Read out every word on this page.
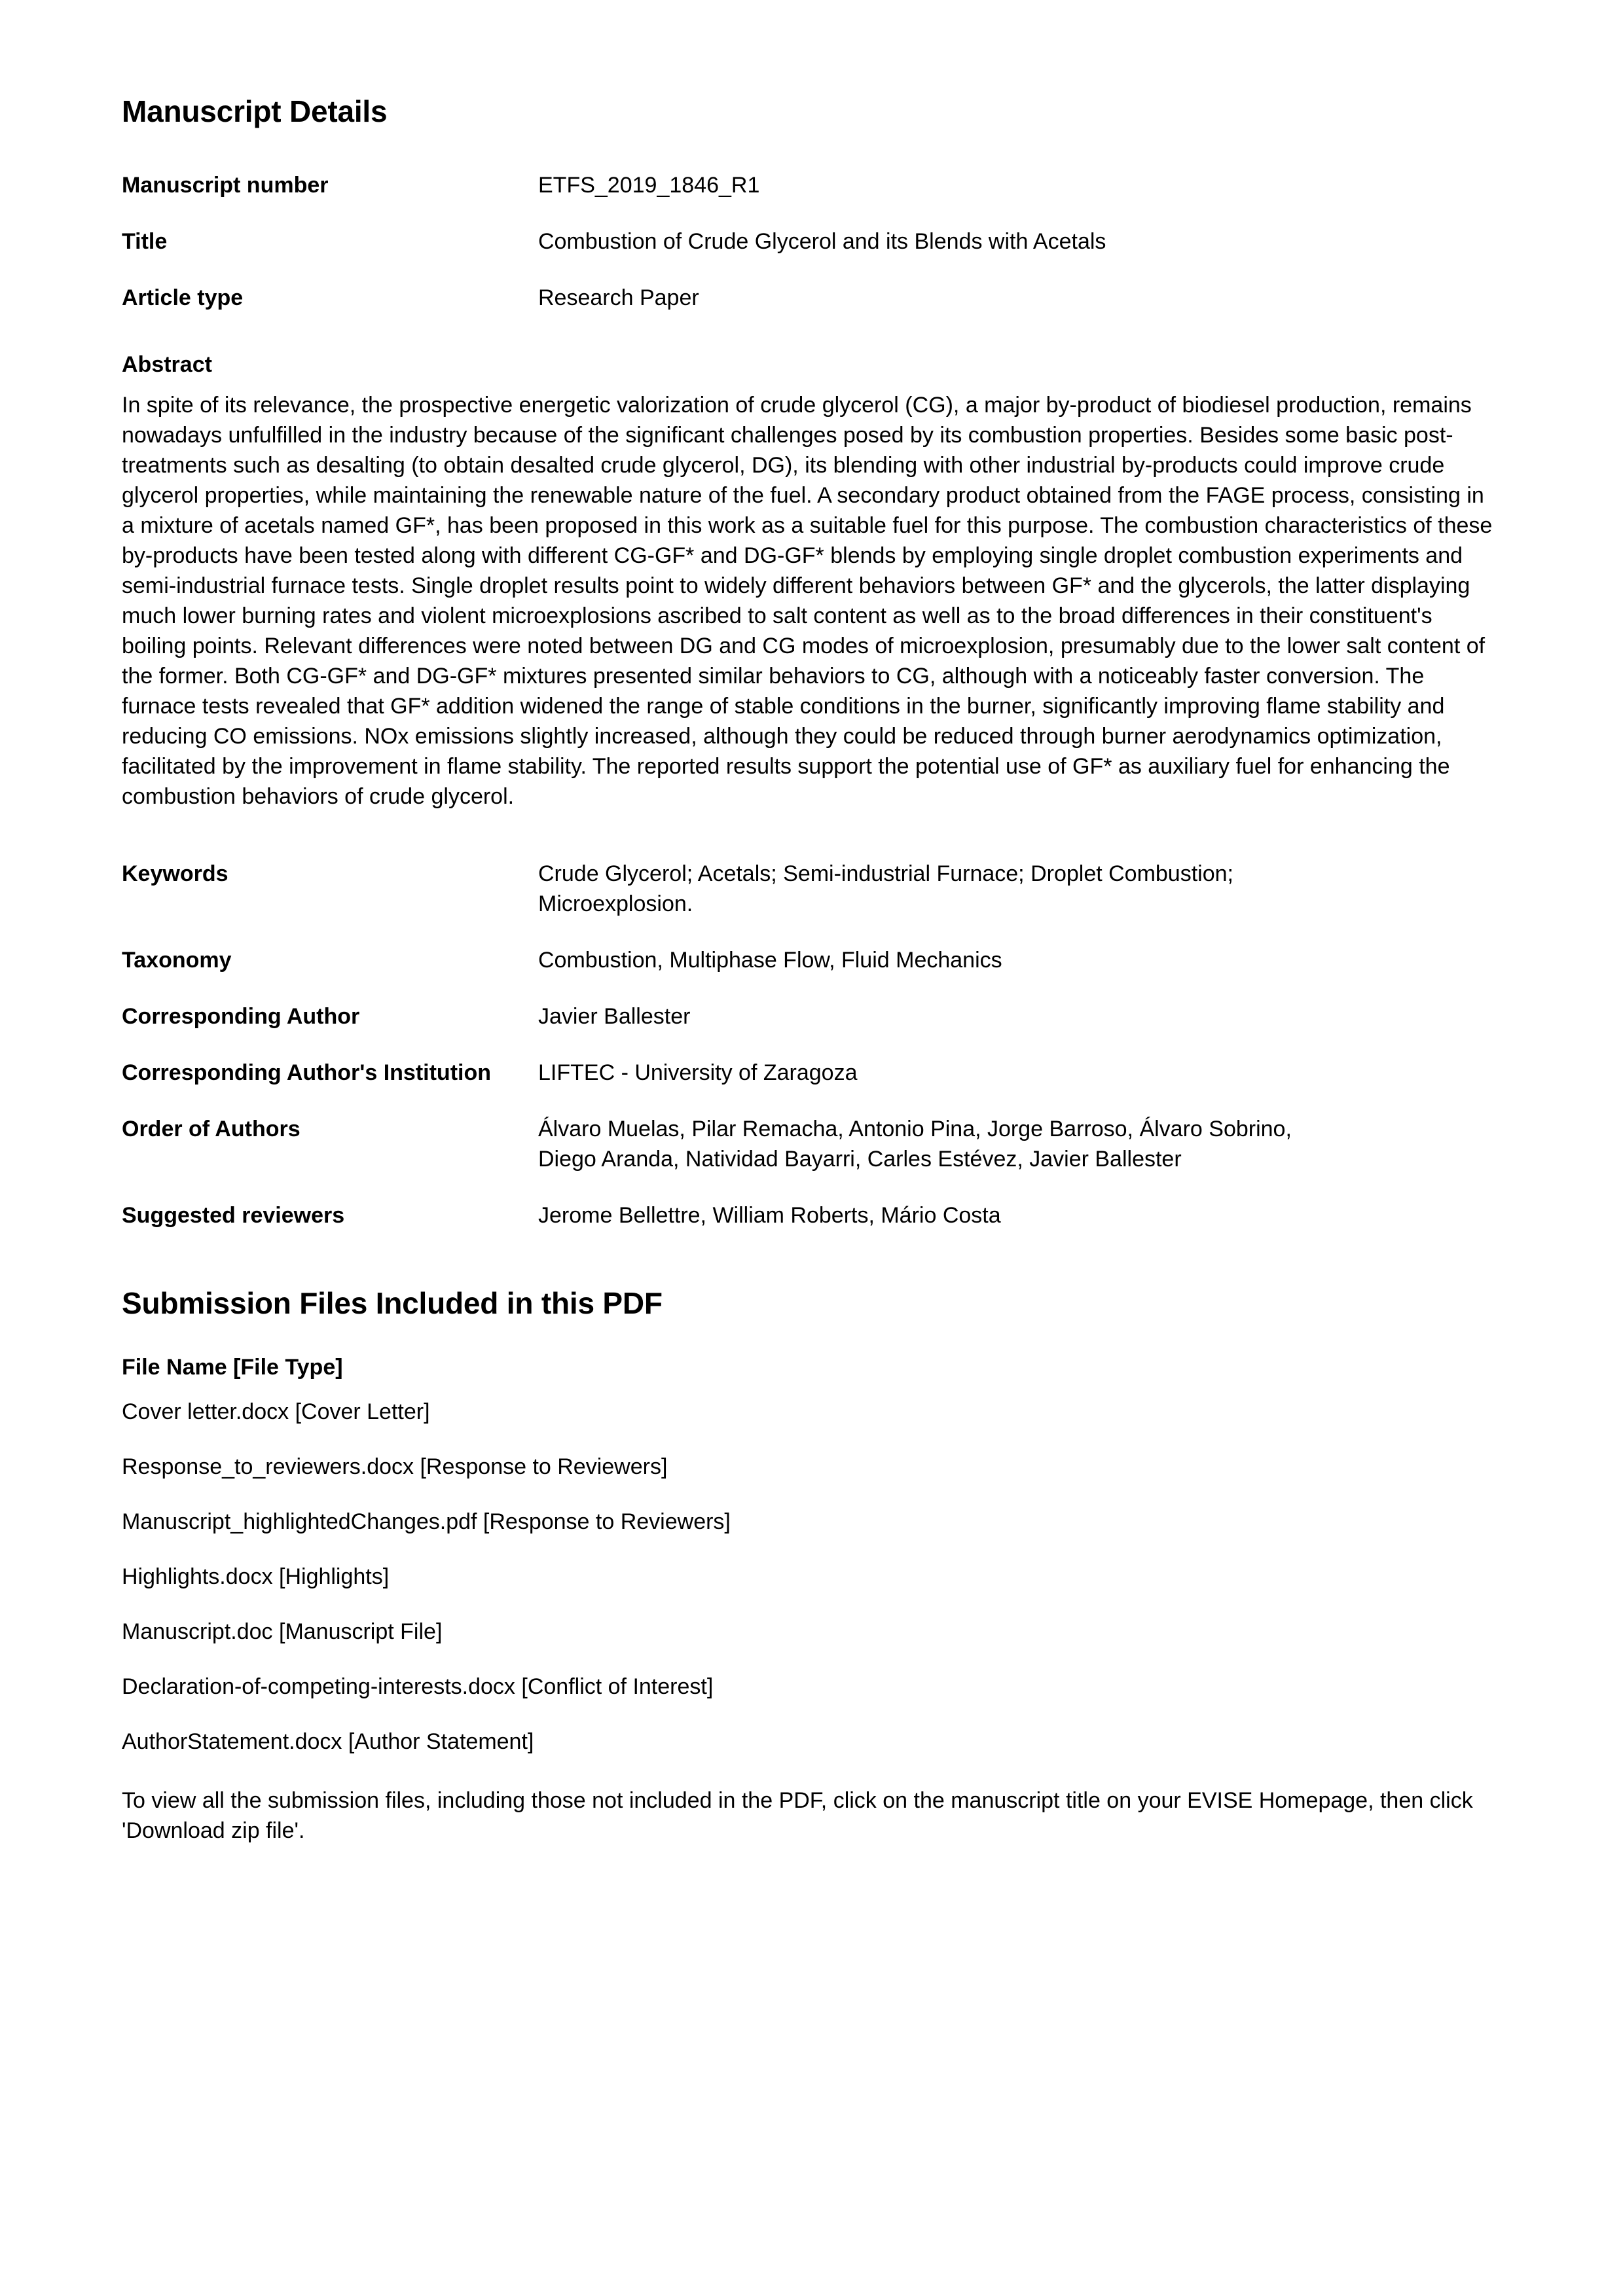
Manuscript Details
Manuscript number	ETFS_2019_1846_R1

Title	Combustion of Crude Glycerol and its Blends with Acetals

Article type	Research Paper
Abstract

In spite of its relevance, the prospective energetic valorization of crude glycerol (CG), a major by-product of biodiesel production, remains nowadays unfulfilled in the industry because of the significant challenges posed by its combustion properties. Besides some basic post-treatments such as desalting (to obtain desalted crude glycerol, DG), its blending with other industrial by-products could improve crude glycerol properties, while maintaining the renewable nature of the fuel. A secondary product obtained from the FAGE process, consisting in a mixture of acetals named GF*, has been proposed in this work as a suitable fuel for this purpose. The combustion characteristics of these by-products have been tested along with different CG-GF* and DG-GF* blends by employing single droplet combustion experiments and semi-industrial furnace tests. Single droplet results point to widely different behaviors between GF* and the glycerols, the latter displaying much lower burning rates and violent microexplosions ascribed to salt content as well as to the broad differences in their constituent's boiling points. Relevant differences were noted between DG and CG modes of microexplosion, presumably due to the lower salt content of the former. Both CG-GF* and DG-GF* mixtures presented similar behaviors to CG, although with a noticeably faster conversion. The furnace tests revealed that GF* addition widened the range of stable conditions in the burner, significantly improving flame stability and reducing CO emissions. NOx emissions slightly increased, although they could be reduced through burner aerodynamics optimization, facilitated by the improvement in flame stability. The reported results support the potential use of GF* as auxiliary fuel for enhancing the combustion behaviors of crude glycerol.

Keywords	Crude Glycerol; Acetals; Semi-industrial Furnace; Droplet Combustion;
Microexplosion.

Taxonomy	Combustion, Multiphase Flow, Fluid Mechanics

Corresponding Author	Javier Ballester

Corresponding Author's Institution	LIFTEC - University of Zaragoza

Order of Authors	Álvaro Muelas, Pilar Remacha, Antonio Pina, Jorge Barroso, Álvaro Sobrino,
Diego Aranda, Natividad Bayarri, Carles Estévez, Javier Ballester

Suggested reviewers	Jerome Bellettre, William Roberts, Mário Costa
Submission Files Included in this PDF
File Name [File Type]
Cover letter.docx [Cover Letter]
Response_to_reviewers.docx [Response to Reviewers]
Manuscript_highlightedChanges.pdf [Response to Reviewers]
Highlights.docx [Highlights]
Manuscript.doc [Manuscript File]
Declaration-of-competing-interests.docx [Conflict of Interest]
AuthorStatement.docx [Author Statement]

To view all the submission files, including those not included in the PDF, click on the manuscript title on your EVISE Homepage, then click 'Download zip file'.
